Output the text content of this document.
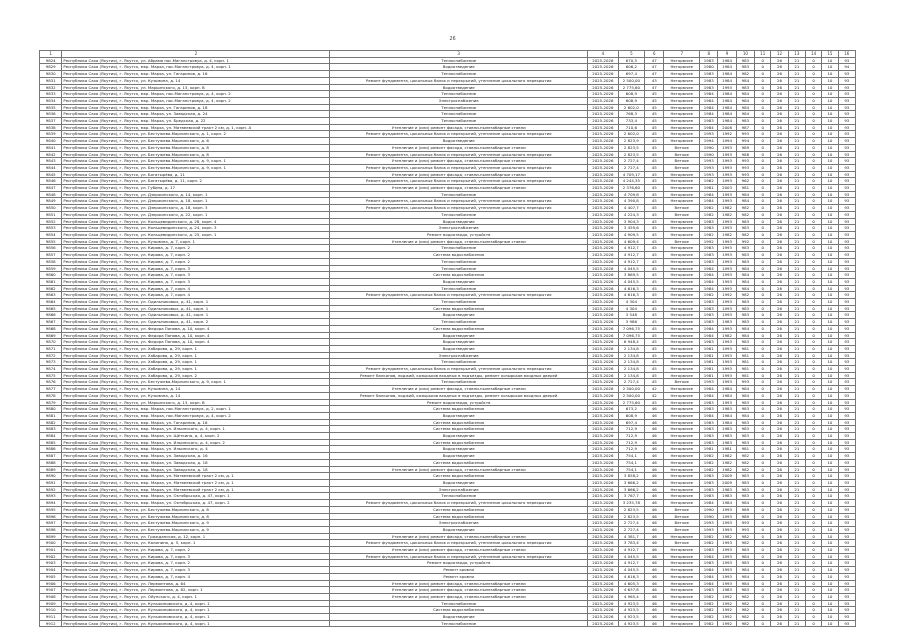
26
1	2	3	4	5	6	7	8	9	10	11	12	13	14	15	16
9824	Республика Саха (Якутия), г. Якутск, ул. Абрама пос.Маганстровуа, д. 4, корп. 1	Теплоснабжение	2025-2026	670,5	47	Негорючее	1983	1984	983	0	26	21	0	10	93
9829	Республика Саха (Якутия), г. Якутск, мкр. Марха, пос.Маганстровуа, д. 4, корп. 1	Водоотведение	2025-2026	606,2	47	Негорючее	1980	1984	983	0	26	21	0	10	94
9830	Республика Саха (Якутия), г. Якутск, мкр. Марха, ул. Гагаринов, д. 16	Теплоснабжение	2025-2026	697,4	47	Негорючее	1983	1984	982	0	26	21	0	10	93
9831	Республика Саха (Якутия), г. Якутск, ул. Кузьмина, д. 14	Ремонт фундамента, цокольных балок и перекрытий, утепление цокольного перекрытия	2025-2026	2 500,00	43	Негорючее	1983	1984	984	0	26	21	0	10	93
9832	Республика Саха (Якутия), г. Якутск, ул. Марьинского, д. 13, корп. В	Водоотведение	2025-2026	2 775,60	47	Негорючее	1983	1993	983	0	26	21	0	10	93
9833	Республика Саха (Якутия), г. Якутск, мкр. Марха, пос.Маганстровуа, д. 4, корп. 2	Теплоснабжение	2025-2026	608,9	45	Негорючее	1984	1984	984	0	26	21	0	10	93
9834	Республика Саха (Якутия), г. Якутск, мкр. Марха, пос.Маганстровуа, д. 4, корп. 2	Электроснабжение	2025-2026	608,9	45	Негорючее	1984	1984	984	0	26	21	0	10	93
9835	Республика Саха (Якутия), г. Якутск, мкр. Марха, ул. Гагаринов, д. 18	Теплоснабжение	2025-2026	2 602,0	45	Негорючее	1984	1984	984	0	26	21	0	10	93
9836	Республика Саха (Якутия), г. Якутск, мкр. Марха, ул. Заводская, д. 24	Теплоснабжение	2025-2026	768,3	45	Негорючее	1984	1984	984	0	26	21	0	10	93
9837	Республика Саха (Якутия), г. Якутск, мкр. Марха, ул. Бредская, д. 22	Теплоснабжение	2025-2026	733,4	45	Негорючее	1983	1984	983	0	26	21	0	10	93
9838	Республика Саха (Якутия), г. Якутск, мкр. Марха, ул. Матвеевский тракт 2 км, д. 1, корп. А	Утепление и (или) ремонт фасада, ставни-пылезабарные ставни	2025-2026	710,6	45	Негорючее	1984	2008	987	0	26	21	0	10	93
9839	Республика Саха (Якутия), г. Якутск, ул. Бестужева-Марлинского, д. 1, корп. 2	Ремонт фундамента, цокольных балок и перекрытий, утепление цокольного перекрытия	2025-2026	2 602,0	45	Негорючее	1993	1992	993	0	26	21	0	10	93
9840	Республика Саха (Якутия), г. Якутск, ул. Бестужева-Марлинского, д. 6	Водоотведение	2025-2026	2 823,9	45	Негорючее	1994	1994	994	0	26	21	0	10	93
9841	Республика Саха (Якутия), г. Якутск, ул. Бестужева-Марлинского, д. 8	Утепление и (или) ремонт фасада, ставни-пылезабарные ставни	2025-2026	2 823,5	45	Ветхое	1990	1993	989	0	26	21	0	10	93
9842	Республика Саха (Якутия), г. Якутск, ул. Бестужева-Марлинского, д. 8	Ремонт фундамента, цокольных балок и перекрытий, утепление цокольного перекрытия	2025-2026	2 823,5	45	Ветхое	1990	1993	988	0	26	21	0	10	93
9843	Республика Саха (Якутия), г. Якутск, ул. Бестужева-Марлинского, д. 9, корп. 1	Утепление и (или) ремонт фасада, ставни-пылезабарные ставни	2025-2026	2 727,4	45	Ветхое	1993	1993	993	0	26	21	0	10	93
9844	Республика Саха (Якутия), г. Якутск, ул. Бестужева-Марлинского, д. 9, корп. 1	Ремонт фундамента, цокольных балок и перекрытий, утепление цокольного перекрытия	2025-2026	2 727,4	45	Ветхое	1993	1993	993	0	26	21	0	10	93
9845	Республика Саха (Якутия), г. Якутск, ул. Богатырёва, д. 11	Утепление и (или) ремонт фасада, ставни-пылезабарные ставни	2025-2026	4 709,17	45	Негорючее	1993	1993	993	0	26	21	0	10	93
9846	Республика Саха (Якутия), г. Якутск, ул. Богатырёва, д. 11, корп. 2	Ремонт фундамента, цокольных балок и перекрытий, утепление цокольного перекрытия	2025-2026	4 244,35	45	Негорючее	1962	1993	962	0	26	21	0	10	93
9847	Республика Саха (Якутия), г. Якутск, ул. Губина, д. 17	Утепление и (или) ремонт фасада, ставни-пылезабарные ставни	2025-2026	2 376,60	45	Негорючее	1981	2003	981	0	26	21	0	10	93
9848	Республика Саха (Якутия), г. Якутск, ул. Дзержинского, д. 14, корп. 1	Теплоснабжение	2025-2026	4 709,8	45	Негорючее	1984	1993	984	0	26	21	0	10	93
9849	Республика Саха (Якутия), г. Якутск, ул. Дзержинского, д. 18, корп. 1	Ремонт фундамента, цокольных балок и перекрытий, утепление цокольного перекрытия	2025-2026	4 390,8	45	Негорючее	1984	1993	984	0	26	21	0	10	93
9850	Республика Саха (Якутия), г. Якутск, ул. Дзержинского, д. 18, корп. 3	Ремонт фундамента, цокольных балок и перекрытий, утепление цокольного перекрытия	2025-2026	4 407,7	45	Ветхое	1982	1982	982	0	26	21	0	10	93
9851	Республика Саха (Якутия), г. Якутск, ул. Дзержинского, д. 22, корп. 1	Теплоснабжение	2025-2026	4 224,3	45	Ветхое	1982	1982	982	0	26	21	0	10	93
9852	Республика Саха (Якутия), г. Якутск, ул. Кольцевидинского, д. 28, корп. 4	Водоотведение	2025-2026	3 904,3	45	Негорючее	1983	1993	983	0	26	21	0	10	93
9853	Республика Саха (Якутия), г. Якутск, ул. Кольцевидинского, д. 24, корп. 3	Электроснабжение	2025-2026	3 459,6	45	Негорючее	1983	1993	983	0	26	21	0	10	93
9854	Республика Саха (Якутия), г. Якутск, ул. Кольцевидинского, д. 25, корп. 1	Ремонт водоотвода, устройств	2025-2026	4 909,5	45	Негорючее	1982	1982	982	0	26	21	0	10	93
9855	Республика Саха (Якутия), г. Якутск, ул. Кузьмина, д. 7, корп. 1	Утепление и (или) ремонт фасада, ставни-пылезабарные ставни	2025-2026	4 609,4	45	Ветхое	1992	1993	992	0	26	21	0	10	93
9856	Республика Саха (Якутия), г. Якутск, ул. Кирова, д. 7, корп. 2	Теплоснабжение	2025-2026	4 912,7	45	Негорючее	1983	1993	983	0	26	21	0	10	93
9857	Республика Саха (Якутия), г. Якутск, ул. Кирова, д. 7, корп. 2	Система водоснабжения	2025-2026	4 912,7	45	Негорючее	1983	1993	983	0	26	21	0	10	93
9858	Республика Саха (Якутия), г. Якутск, ул. Кирова, д. 7, корп. 2	Теплоснабжение	2025-2026	4 912,7	45	Негорючее	1983	1993	983	0	26	21	0	10	93
9859	Республика Саха (Якутия), г. Якутск, ул. Кирова, д. 7, корп. 3	Теплоснабжение	2025-2026	4 045,5	45	Негорючее	1984	1993	984	0	26	21	0	10	93
9860	Республика Саха (Якутия), г. Якутск, ул. Кирова, д. 7, корп. 3	Система водоснабжения	2025-2026	3 869,5	45	Негорючее	1984	1993	984	0	26	21	0	10	93
9861	Республика Саха (Якутия), г. Якутск, ул. Кирова, д. 7, корп. 3	Водоотведение	2025-2026	4 045,5	45	Негорючее	1984	1993	984	0	26	21	0	10	93
9862	Республика Саха (Якутия), г. Якутск, ул. Кирова, д. 7, корп. 4	Теплоснабжение	2025-2026	4 616,3	45	Негорючее	1984	1993	984	0	26	21	0	10	93
9863	Республика Саха (Якутия), г. Якутск, ул. Кирова, д. 7, корп. 4	Ремонт фундамента, цокольных балок и перекрытий, утепление цокольного перекрытия	2025-2026	4 616,3	45	Негорючее	1982	1992	982	0	26	21	0	10	93
9864	Республика Саха (Якутия), г. Якутск, ул. Одильниковых, д. 41, корп. 1	Теплоснабжение	2025-2026	4 304	45	Негорючее	1983	1993	983	0	26	21	0	10	93
9865	Республика Саха (Якутия), г. Якутск, ул. Одильниковых, д. 41, корп. 1	Система водоснабжения	2025-2026	4 304	45	Негорючее	1983	1993	983	0	26	21	0	10	93
9866	Республика Саха (Якутия), г. Якутск, ул. Одильниковых, д. 41, корп. 1	Водоотведение	2025-2026	3 548	45	Негорючее	1983	1993	983	0	26	21	0	10	93
9867	Республика Саха (Якутия), г. Якутск, ул. Одильниковых, д. 41, корп. 2	Теплоснабжение	2025-2026	3 986	45	Негорючее	1983	1983	983	0	26	21	0	10	93
9868	Республика Саха (Якутия), г. Якутск, ул. Федора Попова, д. 10, корп. 4	Система водоснабжения	2025-2026	7 096,75	45	Негорючее	1984	1993	984	0	26	21	0	10	93
9869	Республика Саха (Якутия), г. Якутск, ул. Федора Попова, д. 10, корп. 4	Водоотведение	2025-2026	7 096,75	45	Негорючее	1984	1982	984	0	26	21	0	10	93
9870	Республика Саха (Якутия), г. Якутск, ул. Федора Попова, д. 10, корп. 4	Водоотведение	2025-2026	6 948,4	45	Негорючее	1983	1993	983	0	26	21	0	10	93
9871	Республика Саха (Якутия), г. Якутск, ул. Хабарова, д. 29, корп. 1	Водоотведение	2025-2026	2 134,8	45	Негорючее	1981	1993	981	0	26	21	0	10	93
9872	Республика Саха (Якутия), г. Якутск, ул. Хабарова, д. 29, корп. 1	Электроснабжение	2025-2026	2 134,8	45	Негорючее	1981	1993	981	0	26	21	0	10	93
9873	Республика Саха (Якутия), г. Якутск, ул. Хабарова, д. 29, корп. 1	Теплоснабжение	2025-2026	2 134,8	45	Негорючее	1981	1993	981	0	26	21	0	10	93
9874	Республика Саха (Якутия), г. Якутск, ул. Хабарова, д. 29, корп. 1	Ремонт фундамента, цокольных балок и перекрытий, утепление цокольного перекрытия	2025-2026	2 134,8	45	Негорючее	1981	1993	981	0	26	21	0	10	93
9875	Республика Саха (Якутия), г. Якутск, ул. Хабарова, д. 29, корп. 2	Ремонт балконов, лоджий, козырьков входных в подъезды, ремонт козырьков входных дверей	2025-2026	2 134,8	45	Негорючее	1981	1993	981	0	26	21	0	10	93
9876	Республика Саха (Якутия), г. Якутск, ул. Бестужева-Марлинского, д. 9, корп. 1	Теплоснабжение	2025-2026	2 727,4	45	Ветхое	1993	1993	993	0	26	21	0	10	93
9877	Республика Саха (Якутия), г. Якутск, ул. Кузьмина, д. 14	Утепление и (или) ремонт фасада, ставни-пылезабарные ставни	2025-2026	2 500,00	42	Негорючее	1984	1984	984	0	26	21	0	10	93
9878	Республика Саха (Якутия), г. Якутск, ул. Кузьмина, д. 14	Ремонт балконов, лоджий, козырьков входных в подъезды, ремонт козырьков входных дверей	2025-2026	2 500,00	42	Негорючее	1984	1984	984	0	26	21	0	10	93
9879	Республика Саха (Якутия), г. Якутск, ул. Марьинского, д. 13, корп. В	Ремонт водоотвода, устройств	2025-2026	2 775,60	45	Негорючее	1983	1993	983	0	26	21	0	10	93
9880	Республика Саха (Якутия), г. Якутск, мкр. Марха, пос.Маганстровуа, д. 2, корп. 1	Система водоснабжения	2025-2026	673,2	46	Негорючее	1983	1983	983	0	26	21	0	10	93
9881	Республика Саха (Якутия), г. Якутск, мкр. Марха, пос.Маганстровуа, д. 4, корп. 2	Водоотведение	2025-2026	608,9	46	Негорючее	1984	1984	984	0	26	21	0	10	93
9882	Республика Саха (Якутия), г. Якутск, мкр. Марха, ул. Гагаринов, д. 16	Система водоснабжения	2025-2026	697,4	46	Негорючее	1983	1984	983	0	26	21	0	10	93
9883	Республика Саха (Якутия), г. Якутск, мкр. Марха, ул. Ильинского, д. 4, корп. 1	Система водоснабжения	2025-2026	712,9	46	Негорючее	1983	1983	983	0	26	21	0	10	93
9884	Республика Саха (Якутия), г. Якутск, мкр. Марха, ул. Щёткина, д. 4, корп. 2	Водоотведение	2025-2026	712,9	46	Негорючее	1983	1983	983	0	26	21	0	10	93
9885	Республика Саха (Якутия), г. Якутск, мкр. Марха, ул. Ильинского, д. 4, корп. 2	Система водоснабжения	2025-2026	712,9	46	Негорючее	1983	1983	983	0	26	21	0	10	93
9886	Республика Саха (Якутия), г. Якутск, мкр. Марха, ул. Ильинского, д. 4	Водоотведение	2025-2026	712,9	46	Негорючее	1981	1981	981	0	26	21	0	10	93
9887	Республика Саха (Якутия), г. Якутск, мкр. Марха, ул. Заводская, д. 16	Водоотведение	2025-2026	754,1	46	Негорючее	1982	1982	982	0	26	21	0	10	93
9888	Республика Саха (Якутия), г. Якутск, мкр. Марха, ул. Заводская, д. 18	Система водоснабжения	2025-2026	754,1	46	Негорючее	1982	1982	982	0	26	21	0	10	93
9889	Республика Саха (Якутия), г. Якутск, мкр. Марха, ул. Заводская, д. 18	Утепление и (или) ремонт фасада, ставни-пылезабарные ставни	2025-2026	754,1	46	Негорючее	1982	1982	982	0	26	21	0	10	93
9890	Республика Саха (Якутия), г. Якутск, мкр. Марха, ул. Матвеевский тракт 2 км, д. 1	Система водоснабжения	2025-2026	3 858,2	46	Негорючее	1983	2009	983	0	26	21	0	10	93
9891	Республика Саха (Якутия), г. Якутск, мкр. Марха, ул. Матвеевский тракт 2 км, д. 1	Водоотведение	2025-2026	3 666,2	46	Негорючее	1983	2009	983	0	26	21	0	10	93
9892	Республика Саха (Якутия), г. Якутск, мкр. Марха, ул. Матвеевский тракт 2 км, д. 1	Электроснабжение	2025-2026	3 666,2	46	Негорючее	1983	1983	983	0	26	21	0	10	93
9893	Республика Саха (Якутия), г. Якутск, мкр. Марха, ул. Октябрьская, д. 47, корп. 1	Теплоснабжение	2025-2026	3 767,7	46	Негорючее	1983	1983	983	0	26	21	0	10	93
9894	Республика Саха (Якутия), г. Якутск, мкр. Марха, ул. Октябрьская, д. 47, корп. 2	Ремонт фундамента, цокольных балок и перекрытий, утепление цокольного перекрытия	2025-2026	3 235,78	46	Негорючее	1984	1984	984	0	26	21	0	10	93
9895	Республика Саха (Якутия), г. Якутск, ул. Бестужева-Марлинского, д. 8	Система водоснабжения	2025-2026	2 823,5	46	Ветхое	1990	1993	989	0	26	21	0	10	93
9896	Республика Саха (Якутия), г. Якутск, ул. Бестужева-Марлинского, д. 8	Система водоснабжения	2025-2026	2 823,5	46	Ветхое	1990	1993	989	0	26	21	0	10	93
9897	Республика Саха (Якутия), г. Якутск, ул. Бестужева-Марлинского, д. 9	Электроснабжение	2025-2026	2 727,4	46	Ветхое	1993	1993	993	0	26	21	0	10	93
9898	Республика Саха (Якутия), г. Якутск, ул. Бестужева-Марлинского, д. 9	Водоотведение	2025-2026	2 727,4	46	Ветхое	1993	1993	993	0	26	21	0	10	93
9899	Республика Саха (Якутия), г. Якутск, ул. Гражданская, д. 12, корп. 1	Утепление и (или) ремонт фасада, ставни-пылезабарные ставни	2025-2026	4 381,7	46	Негорючее	1982	1982	982	0	26	21	0	10	93
9900	Республика Саха (Якутия), г. Якутск, ул. Калинина, д. 5, корп. 1	Ремонт фундамента, цокольных балок и перекрытий, утепление цокольного перекрытия	2025-2026	3 783,4	46	Ветхое	1982	1993	982	0	26	21	0	10	93
9901	Республика Саха (Якутия), г. Якутск, ул. Кирова, д. 7, корп. 2	Утепление и (или) ремонт фасада, ставни-пылезабарные ставни	2025-2026	4 912,7	46	Негорючее	1983	1993	983	0	26	21	0	10	93
9902	Республика Саха (Якутия), г. Якутск, ул. Кирова, д. 7, корп. 3	Ремонт фундамента, цокольных балок и перекрытий, утепление цокольного перекрытия	2025-2026	4 045,5	46	Негорючее	1984	1993	984	0	26	21	0	10	93
9903	Республика Саха (Якутия), г. Якутск, ул. Кирова, д. 7, корп. 2	Ремонт водоотвода, устройств	2025-2026	4 912,7	46	Негорючее	1983	1993	983	0	26	21	0	10	93
9904	Республика Саха (Якутия), г. Якутск, ул. Кирова, д. 7, корп. 3	Ремонт кровли	2025-2026	4 045,5	46	Негорючее	1984	1993	984	0	26	21	0	10	93
9905	Республика Саха (Якутия), г. Якутск, ул. Кирова, д. 7, корп. 4	Ремонт кровли	2025-2026	4 616,3	46	Негорючее	1984	1993	984	0	26	21	0	10	93
9906	Республика Саха (Якутия), г. Якутск, ул. Лермонтова, д. 64	Утепление и (или) ремонт фасада, ставни-пылезабарные ставни	2025-2026	4 605,3	46	Негорючее	1984	1993	984	0	26	21	0	10	93
9907	Республика Саха (Якутия), г. Якутск, ул. Лермонтова, д. 82, корп. 1	Утепление и (или) ремонт фасада, ставни-пылезабарные ставни	2025-2026	4 637,8	46	Негорючее	1983	1983	983	0	26	21	0	10	93
9908	Республика Саха (Якутия), г. Якутск, ул. Ойунского, д. 4, корп. 1	Утепление и (или) ремонт фасада, ставни-пылезабарные ставни	2025-2026	4 965,4	46	Негорючее	1982	1992	982	0	26	21	0	10	93
9909	Республика Саха (Якутия), г. Якутск, ул. Кульжиновского, д. 4, корп. 1	Теплоснабжение	2025-2026	4 923,5	46	Негорючее	1982	1992	982	0	26	21	0	10	93
9910	Республика Саха (Якутия), г. Якутск, ул. Кульжиновского, д. 4, корп. 1	Система водоснабжения	2025-2026	4 923,5	46	Негорючее	1982	1992	982	0	26	21	0	10	93
9911	Республика Саха (Якутия), г. Якутск, ул. Кульжиновского, д. 4, корп. 1	Водоотведение	2025-2026	4 923,5	46	Негорючее	1982	1992	982	0	26	21	0	10	93
9912	Республика Саха (Якутия), г. Якутск, ул. Кульжиновского, д. 4, корп. 1	Теплоснабжение	2025-2026	4 923,5	46	Негорючее	1982	1992	982	0	26	21	0	10	93
